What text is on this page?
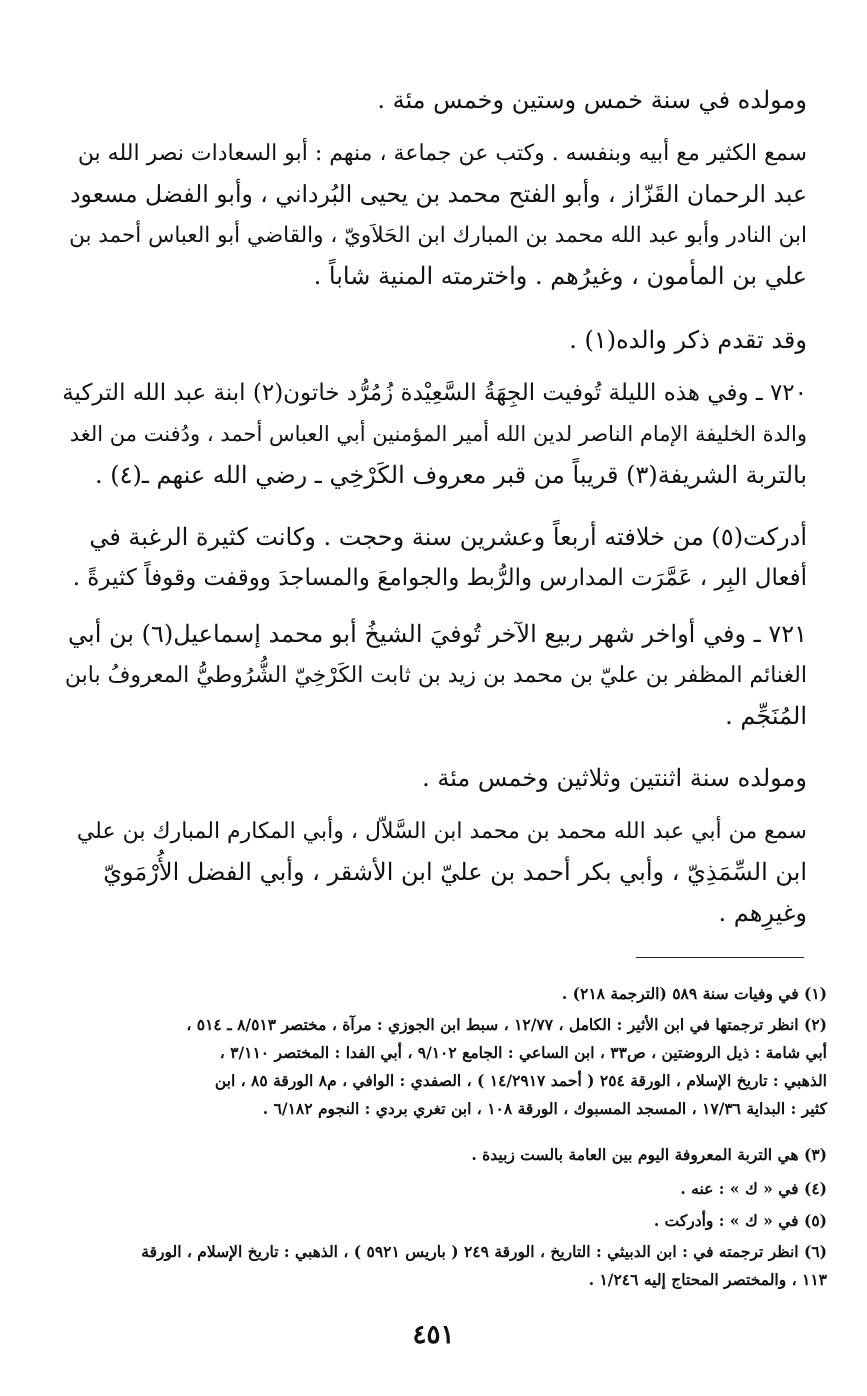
ومولده في سنة خمس وستين وخمس مئة .
سمع الكثير مع أبيه وبنفسه . وكتب عن جماعة ، منهم : أبو السعادات نصر الله بن
عبد الرحمان القَزّاز ، وأبو الفتح محمد بن يحيى البُرداني ، وأبو الفضل مسعود
ابن النادر وأبو عبد الله محمد بن المبارك ابن الحَلاَويّ ، والقاضي أبو العباس أحمد بن
علي بن المأمون ، وغيرُهم . واخترمته المنية شاباً .
وقد تقدم ذكر والده(١) .
٧٢٠ ـ وفي هذه الليلة تُوفيت الجِهَةُ السَّعِيْدة زُمُرُّد خاتون(٢) ابنة عبد الله التركية
والدة الخليفة الإمام الناصر لدين الله أمير المؤمنين أبي العباس أحمد ، ودُفنت من الغد
بالتربة الشريفة(٣) قريباً من قبر معروف الكَرْخِي ـ رضي الله عنهم ـ(٤) .
أدركت(٥) من خلافته أربعاً وعشرين سنة وحجت . وكانت كثيرة الرغبة في
أفعال البِر ، عَمَّرَت المدارس والرُّبط والجوامعَ والمساجدَ ووقفت وقوفاً كثيرةً .
٧٢١ ـ وفي أواخر شهر ربيع الآخر تُوفيَ الشيخُ أبو محمد إسماعيل(٦) بن أبي
الغنائم المظفر بن عليّ بن محمد بن زيد بن ثابت الكَرْخِيّ الشُّرُوطيُّ المعروفُ بابن
المُنَجِّم .
ومولده سنة اثنتين وثلاثين وخمس مئة .
سمع من أبي عبد الله محمد بن محمد ابن السَّلاّل ، وأبي المكارم المبارك بن علي
ابن السِّمَذِيّ ، وأبي بكر أحمد بن عليّ ابن الأشقر ، وأبي الفضل الأُرْمَويّ
وغيرِهم .
(١) في وفيات سنة ٥٨٩ (الترجمة ٢١٨) .
(٢) انظر ترجمتها في ابن الأثير : الكامل ، ١٢/٧٧ ، سبط ابن الجوزي : مرآة ، مختصر ٨/٥١٣ ـ ٥١٤ ،
أبي شامة : ذيل الروضتين ، ص٣٣ ، ابن الساعي : الجامع ٩/١٠٢ ، أبي الفدا : المختصر ٣/١١٠ ،
الذهبي : تاريخ الإسلام ، الورقة ٢٥٤ ( أحمد ١٤/٢٩١٧ ) ، الصفدي : الوافي ، م٨ الورقة ٨٥ ، ابن
كثير : البداية ١٧/٣٦ ، المسجد المسبوك ، الورقة ١٠٨ ، ابن تغري بردي : النجوم ٦/١٨٢ .
(٣) هي التربة المعروفة اليوم بين العامة بالست زبيدة .
(٤) في « ك » : عنه .
(٥) في « ك » : وأدركت .
(٦) انظر ترجمته في : ابن الدبيثي : التاريخ ، الورقة ٢٤٩ ( باريس ٥٩٢١ ) ، الذهبي : تاريخ الإسلام ، الورقة
١١٣ ، والمختصر المحتاج إليه ١/٢٤٦ .
٤٥١
